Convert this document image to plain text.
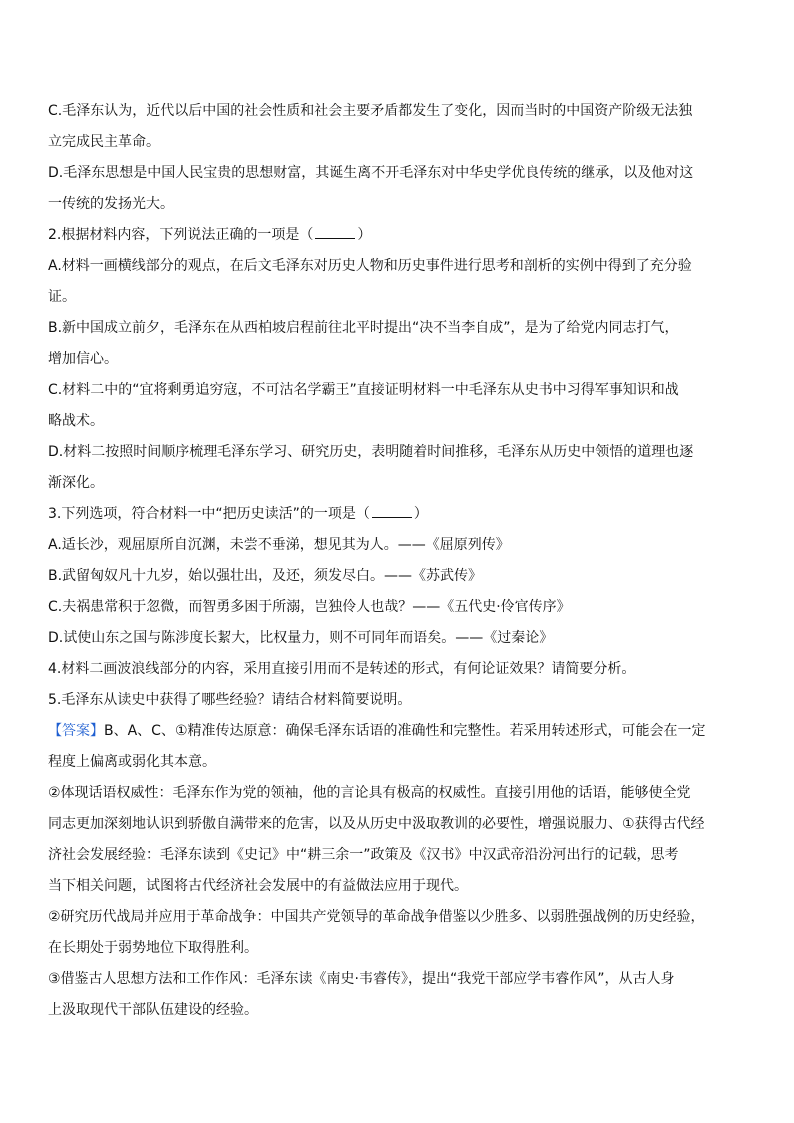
C.毛泽东认为，近代以后中国的社会性质和社会主要矛盾都发生了变化，因而当时的中国资产阶级无法独
立完成民主革命。
D.毛泽东思想是中国人民宝贵的思想财富，其诞生离不开毛泽东对中华史学优良传统的继承，以及他对这
一传统的发扬光大。
2.根据材料内容，下列说法正确的一项是（	）
A.材料一画横线部分的观点，在后文毛泽东对历史人物和历史事件进行思考和剖析的实例中得到了充分验
证。
B.新中国成立前夕，毛泽东在从西柏坡启程前往北平时提出“决不当李自成”，是为了给党内同志打气，
增加信心。
C.材料二中的“宜将剩勇追穷寇，不可沽名学霸王”直接证明材料一中毛泽东从史书中习得军事知识和战
略战术。
D.材料二按照时间顺序梳理毛泽东学习、研究历史，表明随着时间推移，毛泽东从历史中领悟的道理也逐
渐深化。
3.下列选项，符合材料一中“把历史读活”的一项是（	）
A.适长沙，观屈原所自沉渊，未尝不垂涕，想见其为人。——《屈原列传》
B.武留匈奴凡十九岁，始以强壮出，及还，须发尽白。——《苏武传》
C.夫祸患常积于忽微，而智勇多困于所溺，岂独伶人也哉？——《五代史·伶官传序》
D.试使山东之国与陈涉度长絜大，比权量力，则不可同年而语矣。——《过秦论》
4.材料二画波浪线部分的内容，采用直接引用而不是转述的形式，有何论证效果？请简要分析。
5.毛泽东从读史中获得了哪些经验？请结合材料简要说明。
【答案】B、A、C、①精准传达原意：确保毛泽东话语的准确性和完整性。若采用转述形式，可能会在一定
程度上偏离或弱化其本意。
②体现话语权威性：毛泽东作为党的领袖，他的言论具有极高的权威性。直接引用他的话语，能够使全党
同志更加深刻地认识到骄傲自满带来的危害，以及从历史中汲取教训的必要性，增强说服力、①获得古代经
济社会发展经验：毛泽东读到《史记》中“耕三余一”政策及《汉书》中汉武帝沿汾河出行的记载，思考
当下相关问题，试图将古代经济社会发展中的有益做法应用于现代。
②研究历代战局并应用于革命战争：中国共产党领导的革命战争借鉴以少胜多、以弱胜强战例的历史经验，
在长期处于弱势地位下取得胜利。
③借鉴古人思想方法和工作作风：毛泽东读《南史·韦睿传》，提出“我党干部应学韦睿作风”，从古人身
上汲取现代干部队伍建设的经验。
